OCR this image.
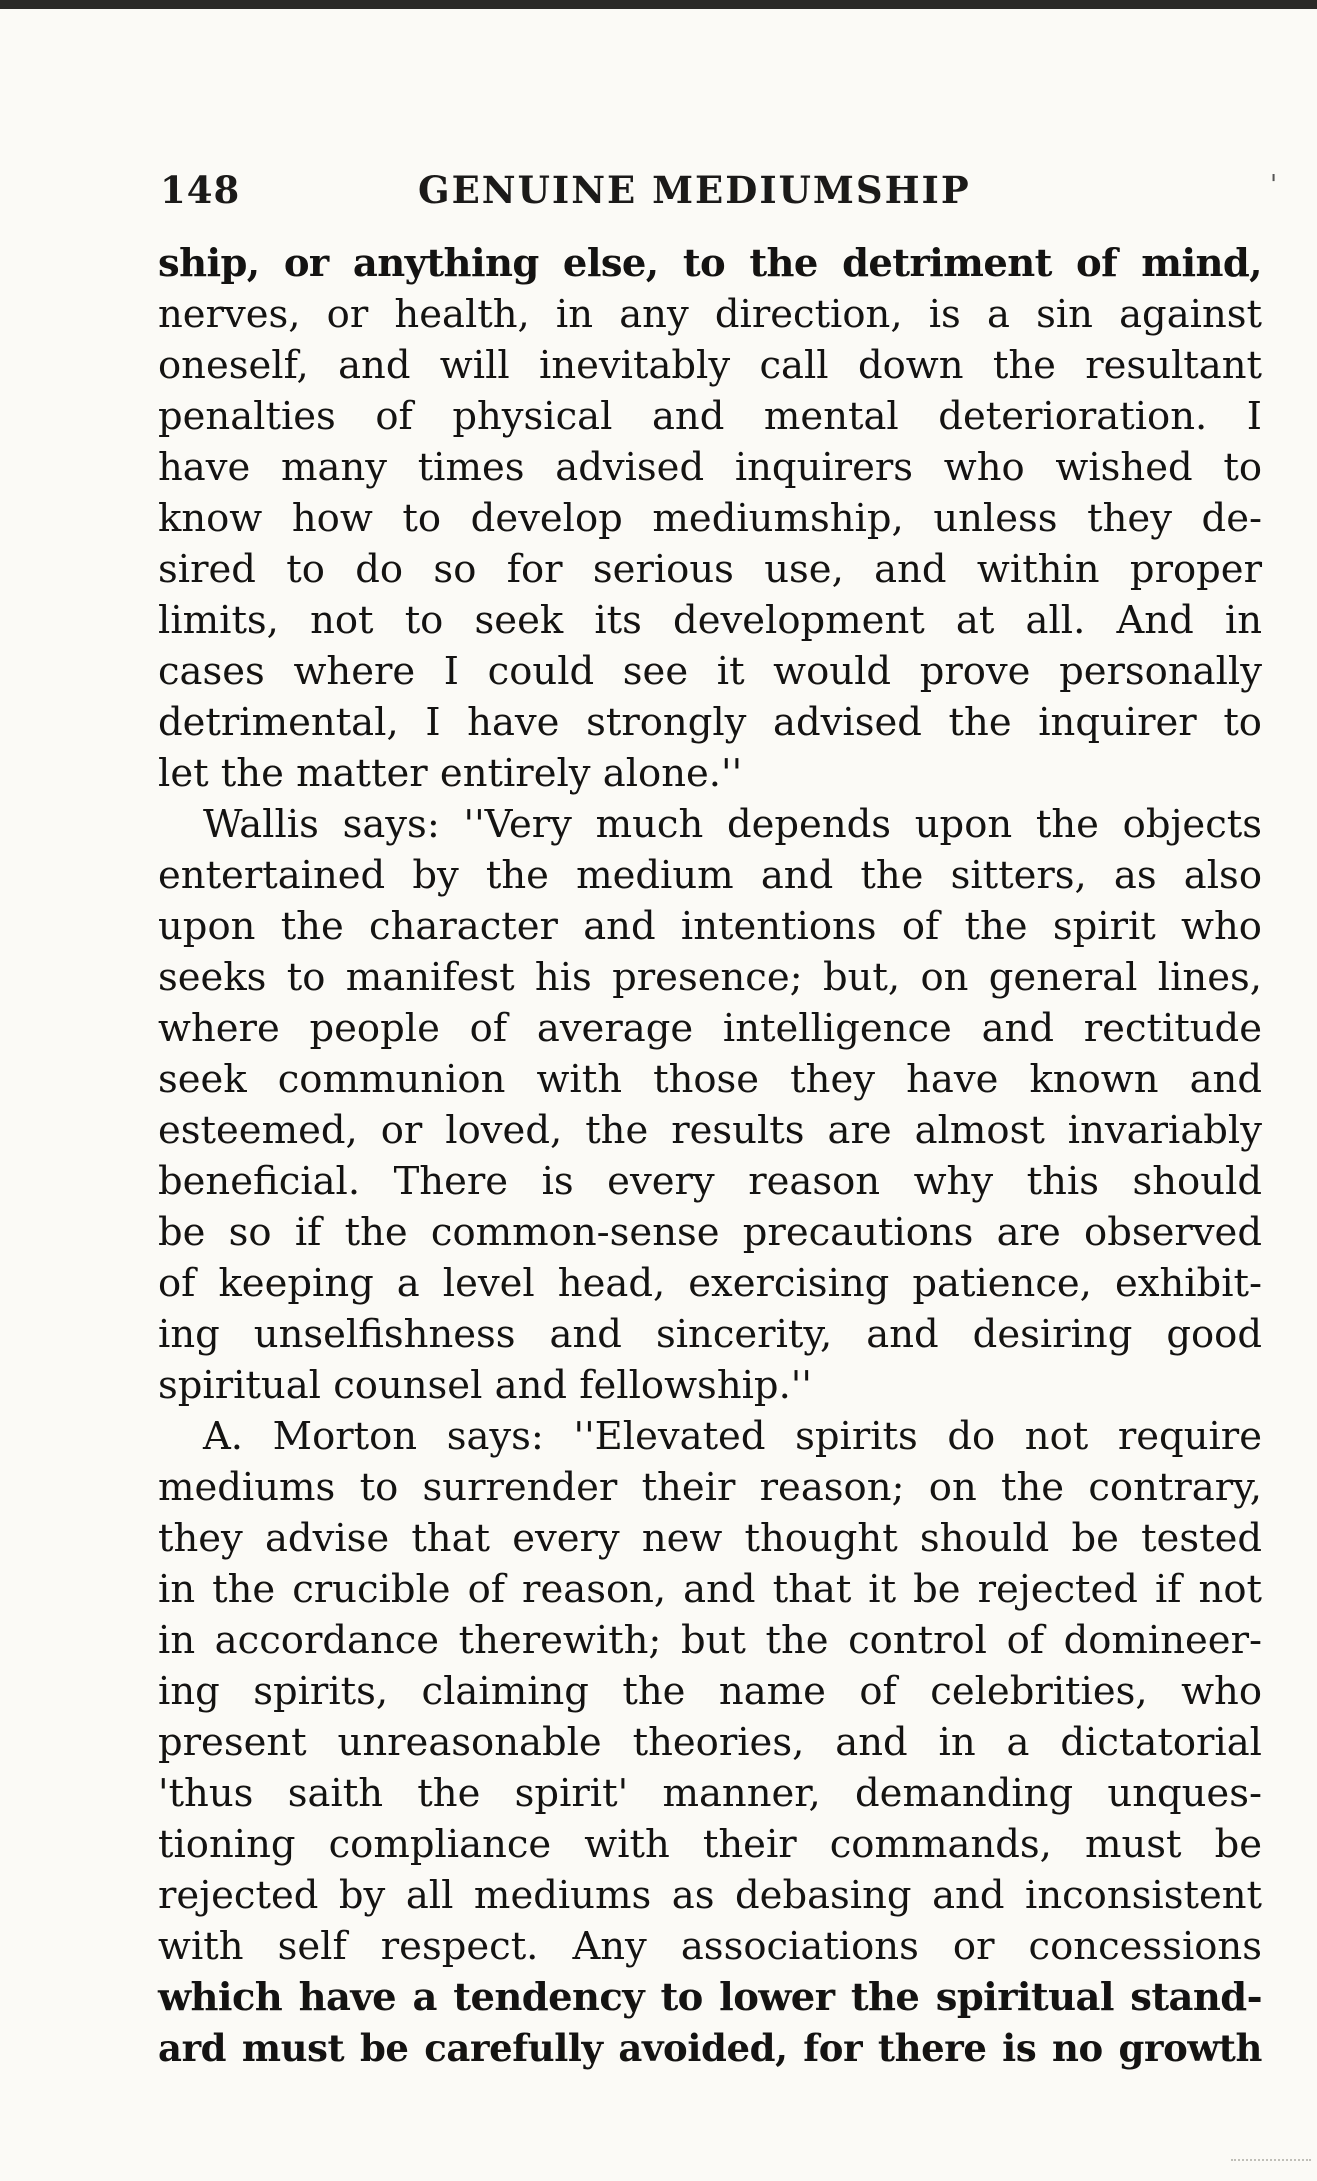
148	GENUINE MEDIUMSHIP	'
ship, or anything else, to the detriment of mind,
nerves, or health, in any direction, is a sin against
oneself, and will inevitably call down the resultant
penalties of physical and mental deterioration. I
have many times advised inquirers who wished to
know how to develop mediumship, unless they de-
sired to do so for serious use, and within proper
limits, not to seek its development at all. And in
cases where I could see it would prove personally
detrimental, I have strongly advised the inquirer to
let the matter entirely alone.''
Wallis says: ''Very much depends upon the objects
entertained by the medium and the sitters, as also
upon the character and intentions of the spirit who
seeks to manifest his presence; but, on general lines,
where people of average intelligence and rectitude
seek communion with those they have known and
esteemed, or loved, the results are almost invariably
beneficial. There is every reason why this should
be so if the common-sense precautions are observed
of keeping a level head, exercising patience, exhibit-
ing unselfishness and sincerity, and desiring good
spiritual counsel and fellowship.''
A. Morton says: ''Elevated spirits do not require
mediums to surrender their reason; on the contrary,
they advise that every new thought should be tested
in the crucible of reason, and that it be rejected if not
in accordance therewith; but the control of domineer-
ing spirits, claiming the name of celebrities, who
present unreasonable theories, and in a dictatorial
'thus saith the spirit' manner, demanding unques-
tioning compliance with their commands, must be
rejected by all mediums as debasing and inconsistent
with self respect. Any associations or concessions
which have a tendency to lower the spiritual stand-
ard must be carefully avoided, for there is no growth
